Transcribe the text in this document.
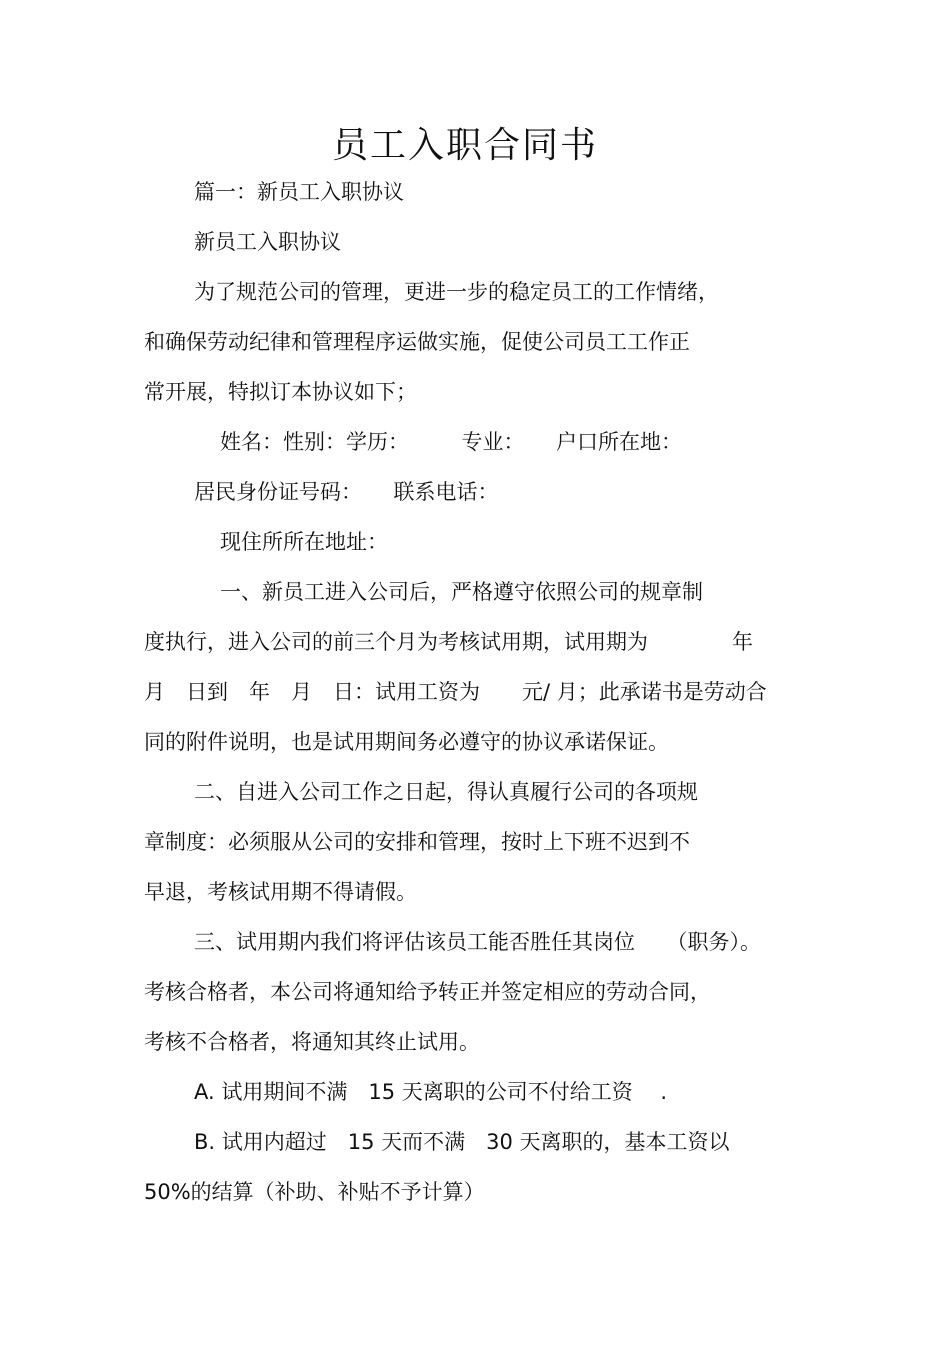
员工入职合同书
篇一：新员工入职协议
新员工入职协议
为了规范公司的管理，更进一步的稳定员工的工作情绪，
和确保劳动纪律和管理程序运做实施，促使公司员工工作正
常开展，特拟订本协议如下；
姓名：性别：学历：　　　专业：　　户口所在地：
居民身份证号码：　　联系电话：
现住所所在地址：
一、新员工进入公司后，严格遵守依照公司的规章制
度执行，进入公司的前三个月为考核试用期，试用期为　　　　年
月　日到　年　月　日：试用工资为　　元/ 月；此承诺书是劳动合
同的附件说明，也是试用期间务必遵守的协议承诺保证。
二、自进入公司工作之日起，得认真履行公司的各项规
章制度：必须服从公司的安排和管理，按时上下班不迟到不
早退，考核试用期不得请假。
三、试用期内我们将评估该员工能否胜任其岗位　　（职务）。
考核合格者，本公司将通知给予转正并签定相应的劳动合同，
考核不合格者，将通知其终止试用。
A. 试用期间不满　15 天离职的公司不付给工资　 .
B. 试用内超过　15 天而不满　30 天离职的，基本工资以
50%的结算（补助、补贴不予计算）
